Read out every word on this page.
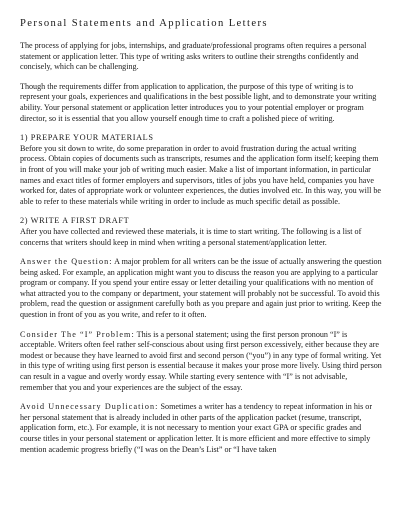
Personal Statements and Application Letters

The process of applying for jobs, internships, and graduate/professional programs often requires a personal statement or application letter. This type of writing asks writers to outline their strengths confidently and concisely, which can be challenging.

Though the requirements differ from application to application, the purpose of this type of writing is to represent your goals, experiences and qualifications in the best possible light, and to demonstrate your writing ability. Your personal statement or application letter introduces you to your potential employer or program director, so it is essential that you allow yourself enough time to craft a polished piece of writing.

1) PREPARE YOUR MATERIALS

Before you sit down to write, do some preparation in order to avoid frustration during the actual writing process. Obtain copies of documents such as transcripts, resumes and the application form itself; keeping them in front of you will make your job of writing much easier. Make a list of important information, in particular names and exact titles of former employers and supervisors, titles of jobs you have held, companies you have worked for, dates of appropriate work or volunteer experiences, the duties involved etc. In this way, you will be able to refer to these materials while writing in order to include as much specific detail as possible.

2) WRITE A FIRST DRAFT

After you have collected and reviewed these materials, it is time to start writing. The following is a list of concerns that writers should keep in mind when writing a personal statement/application letter.

Answer the Question: A major problem for all writers can be the issue of actually answering the question being asked. For example, an application might want you to discuss the reason you are applying to a particular program or company. If you spend your entire essay or letter detailing your qualifications with no mention of what attracted you to the company or department, your statement will probably not be successful. To avoid this problem, read the question or assignment carefully both as you prepare and again just prior to writing. Keep the question in front of you as you write, and refer to it often.

Consider The “I” Problem: This is a personal statement; using the first person pronoun “I” is acceptable. Writers often feel rather self-conscious about using first person excessively, either because they are modest or because they have learned to avoid first and second person (“you”) in any type of formal writing. Yet in this type of writing using first person is essential because it makes your prose more lively. Using third person can result in a vague and overly wordy essay. While starting every sentence with “I” is not advisable, remember that you and your experiences are the subject of the essay.

Avoid Unnecessary Duplication: Sometimes a writer has a tendency to repeat information in his or her personal statement that is already included in other parts of the application packet (resume, transcript, application form, etc.). For example, it is not necessary to mention your exact GPA or specific grades and course titles in your personal statement or application letter. It is more efficient and more effective to simply mention academic progress briefly (“I was on the Dean’s List” or “I have taken
